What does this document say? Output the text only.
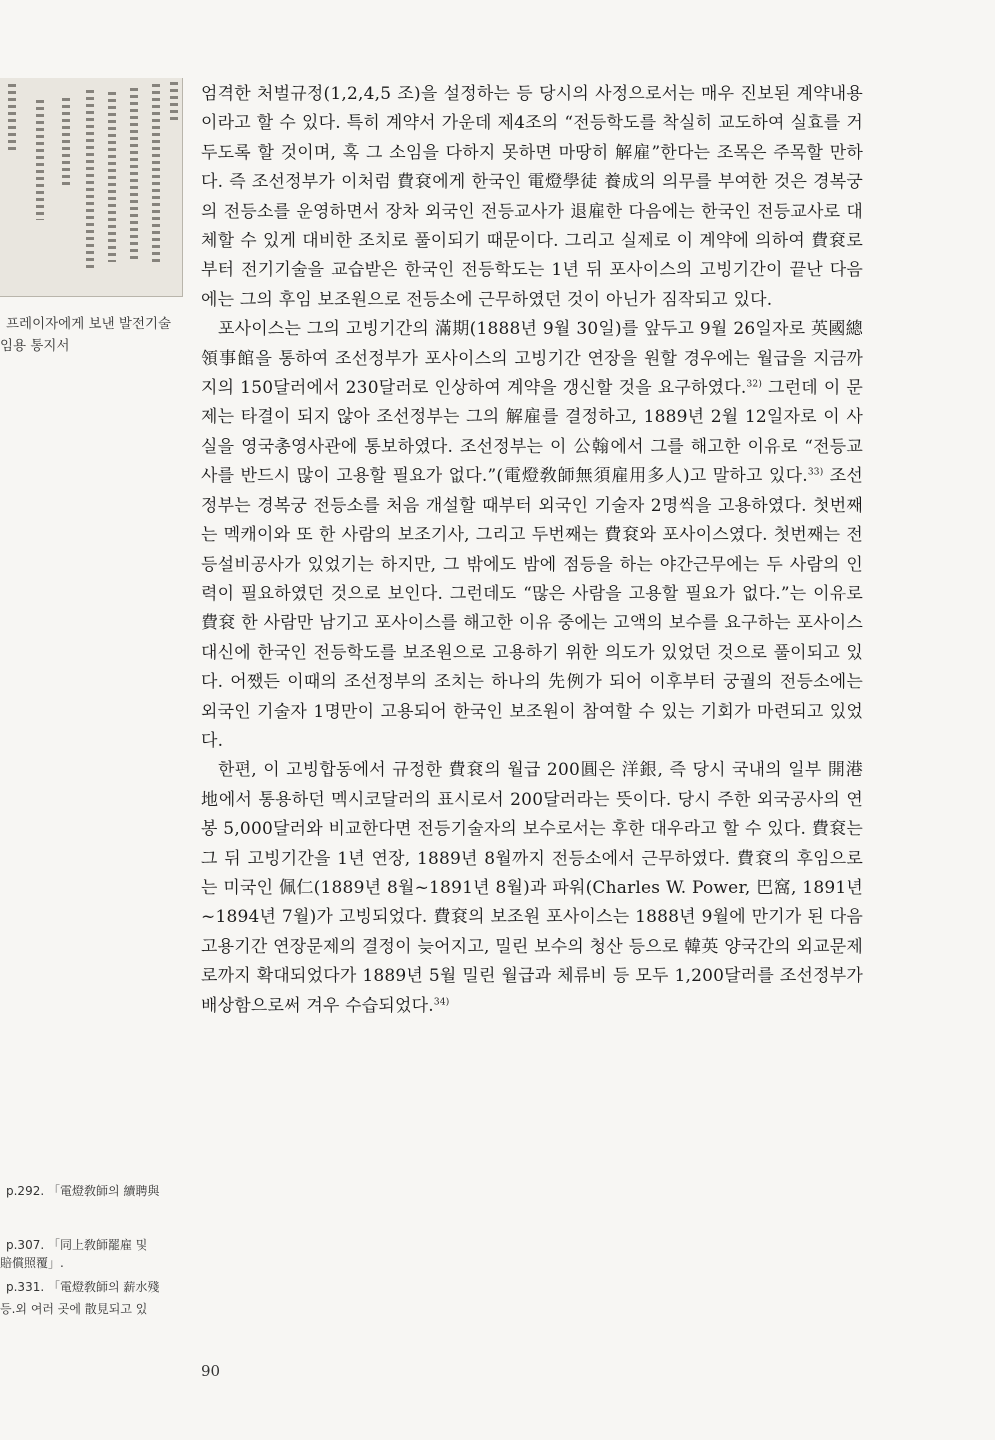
프레이자에게 보낸 발전기술
임용 통지서

엄격한 처벌규정(1,2,4,5 조)을 설정하는 등 당시의 사정으로서는 매우 진보된 계약내용이라고 할 수 있다. 특히 계약서 가운데 제4조의 “전등학도를 착실히 교도하여 실효를 거두도록 할 것이며, 혹 그 소임을 다하지 못하면 마땅히 解雇”한다는 조목은 주목할 만하다. 즉 조선정부가 이처럼 費袞에게 한국인 電燈學徒 養成의 의무를 부여한 것은 경복궁의 전등소를 운영하면서 장차 외국인 전등교사가 退雇한 다음에는 한국인 전등교사로 대체할 수 있게 대비한 조치로 풀이되기 때문이다. 그리고 실제로 이 계약에 의하여 費袞로부터 전기기술을 교습받은 한국인 전등학도는 1년 뒤 포사이스의 고빙기간이 끝난 다음에는 그의 후임 보조원으로 전등소에 근무하였던 것이 아닌가 짐작되고 있다.

포사이스는 그의 고빙기간의 滿期(1888년 9월 30일)를 앞두고 9월 26일자로 英國總領事館을 통하여 조선정부가 포사이스의 고빙기간 연장을 원할 경우에는 월급을 지금까지의 150달러에서 230달러로 인상하여 계약을 갱신할 것을 요구하였다.$^{32)}$ 그런데 이 문제는 타결이 되지 않아 조선정부는 그의 解雇를 결정하고, 1889년 2월 12일자로 이 사실을 영국총영사관에 통보하였다. 조선정부는 이 公翰에서 그를 해고한 이유로 “전등교사를 반드시 많이 고용할 필요가 없다.”(電燈敎師無須雇用多人)고 말하고 있다.$^{33)}$ 조선정부는 경복궁 전등소를 처음 개설할 때부터 외국인 기술자 2명씩을 고용하였다. 첫번째는 멕캐이와 또 한 사람의 보조기사, 그리고 두번째는 費袞와 포사이스였다. 첫번째는 전등설비공사가 있었기는 하지만, 그 밖에도 밤에 점등을 하는 야간근무에는 두 사람의 인력이 필요하였던 것으로 보인다. 그런데도 “많은 사람을 고용할 필요가 없다.”는 이유로 費袞 한 사람만 남기고 포사이스를 해고한 이유 중에는 고액의 보수를 요구하는 포사이스 대신에 한국인 전등학도를 보조원으로 고용하기 위한 의도가 있었던 것으로 풀이되고 있다. 어쨌든 이때의 조선정부의 조치는 하나의 先例가 되어 이후부터 궁궐의 전등소에는 외국인 기술자 1명만이 고용되어 한국인 보조원이 참여할 수 있는 기회가 마련되고 있었다.

한편, 이 고빙합동에서 규정한 費袞의 월급 200圓은 洋銀, 즉 당시 국내의 일부 開港地에서 통용하던 멕시코달러의 표시로서 200달러라는 뜻이다. 당시 주한 외국공사의 연봉 5,000달러와 비교한다면 전등기술자의 보수로서는 후한 대우라고 할 수 있다. 費袞는 그 뒤 고빙기간을 1년 연장, 1889년 8월까지 전등소에서 근무하였다. 費袞의 후임으로는 미국인 佩仁(1889년 8월~1891년 8월)과 파워(Charles W. Power, 巴窩, 1891년~1894년 7월)가 고빙되었다. 費袞의 보조원 포사이스는 1888년 9월에 만기가 된 다음 고용기간 연장문제의 결정이 늦어지고, 밀린 보수의 청산 등으로 韓英 양국간의 외교문제로까지 확대되었다가 1889년 5월 밀린 월급과 체류비 등 모두 1,200달러를 조선정부가 배상함으로써 겨우 수습되었다.$^{34)}$

p.292. 「電燈敎師의 續聘與
p.307. 「同上敎師罷雇 및
賠償照覆」.
p.331. 「電燈敎師의 薪水殘
등.외 여러 곳에 散見되고 있
90
